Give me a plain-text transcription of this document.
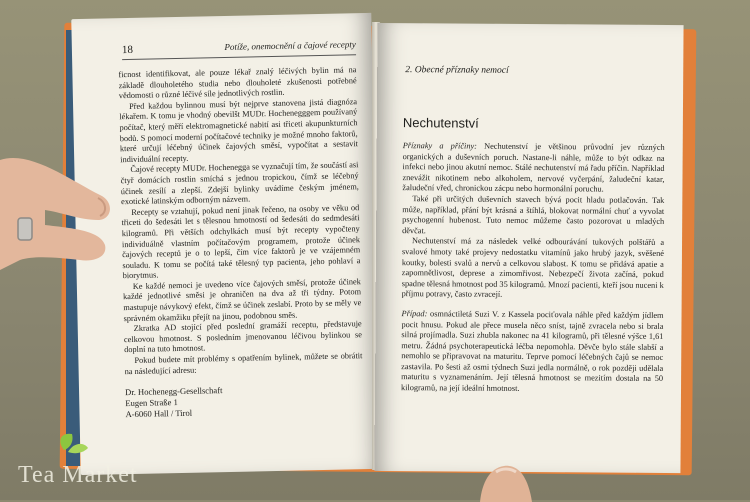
18	Potíže, onemocnění a čajové recepty

ficnost identifikovat, ale pouze lékař znalý léčivých bylin má na základě dlouholetého studia nebo dlouholeté zkušenosti potřebné vědomosti o různé léčivé síle jednotlivých rostlin.

Před každou bylinnou musí být nejprve stanovena jistá diagnóza lékařem. K tomu je vhodný obevilšt MUDr. Hochenegggem používaný počítač, který měří elektromagnetické nabití asi třiceti akupunkturních bodů. S pomocí moderní počítačové techniky je možné mnoho faktorů, které určují léčebný účinek čajových směsí, vypočítat a sestavit individuální recepty.

Čajové recepty MUDr. Hochenegga se vyznačují tím, že součástí asi čtyř domácích rostlin smíchá s jednou tropickou, čímž se léčebný účinek zesílí a zlepší. Zdejší bylinky uvádíme českým jménem, exotické latinským odborným názvem.

Recepty se vztahují, pokud není jinak řečeno, na osoby ve věku od třiceti do šedesáti let s tělesnou hmotností od šedesáti do sedmdesáti kilogramů. Při větších odchylkách musí být recepty vypočteny individuálně vlastním počítačovým programem, protože účinek čajových receptů je o to lepší, čím více faktorů je ve vzájemném souladu. K tomu se počítá také tělesný typ pacienta, jeho pohlaví a biorytmus.

Ke každé nemoci je uvedeno více čajových směsí, protože účinek každé jednotlivé směsi je ohraničen na dva až tři týdny. Potom mastupuje návykový efekt, čímž se účinek zeslabí. Proto by se měly ve správném okamžiku přejít na jinou, podobnou směs.

Zkratka AD stojící před poslední gramáží receptu, představuje celkovou hmotnost. S posledním jmenovanou léčivou bylinkou se doplní na tuto hmotnost.

Pokud budete mít problémy s opatřením bylinek, můžete se obrátit na následující adresu:

Dr. Hochenegg-Gesellschaft
Eugen Straße 1
A-6060 Hall / Tirol
2. Obecné příznaky nemocí
Nechutenství

Příznaky a příčiny: Nechutenství je většinou průvodní jev různých organických a duševních poruch. Nastane-li náhle, může to být odkaz na infekci nebo jinou akutní nemoc. Stálé nechutenství má řadu příčin. Například znevážit nikotinem nebo alkoholem, nervové vyčerpání, žaludeční katar, žaludeční vřed, chronickou zácpu nebo hormonální poruchu.

Také při určitých duševních stavech bývá pocit hladu potlačován. Tak může, například, přání být krásná a štíhlá, blokovat normální chuť a vyvolat psychogenní hubenost. Tuto nemoc můžeme často pozorovat u mladých děvčat.

Nechutenství má za následek velké odbourávání tukových polštářů a svalové hmoty také projevy nedostatku vitamínů jako hrubý jazyk, svěšené koutky, bolesti svalů a nervů a celkovou slabost. K tomu se přidává apatie a zapomnětlivost, deprese a zimomřivost. Nebezpečí života začíná, pokud spadne tělesná hmotnost pod 35 kilogramů. Mnozí pacienti, kteří jsou nuceni k příjmu potravy, často zvracejí.

Případ: osmnáctiletá Suzi V. z Kassela pociťovala náhle před každým jídlem pocit hnusu. Pokud ale přece musela něco sníst, tajně zvracela nebo si brala silná projímadla. Suzi zhubla nakonec na 41 kilogramů, při tělesné výšce 1,61 metru. Žádná psychoterapeutická léčba nepomohla. Děvče bylo stále slabší a nemohlo se připravovat na maturitu. Teprve pomocí léčebných čajů se nemoc zastavila. Po šesti až osmi týdnech Suzi jedla normálně, o rok později udělala maturitu s vyznamenáním. Její tělesná hmotnost se mezitím dostala na 50 kilogramů, na její ideální hmotnost.

Tea Market
